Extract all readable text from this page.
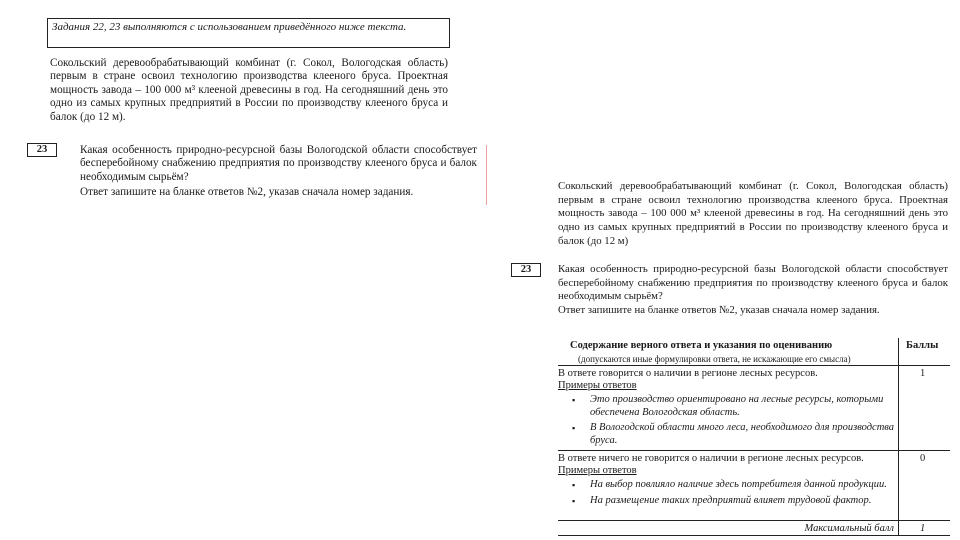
Задания 22, 23 выполняются с использованием приведённого ниже текста.
Сокольский деревообрабатывающий комбинат (г. Сокол, Вологодская область) первым в стране освоил технологию производства клееного бруса. Проектная мощность завода – 100 000 м³ клееной древесины в год. На сегодняшний день это одно из самых крупных предприятий в России по производству клееного бруса и балок (до 12 м).
23	Какая особенность природно-ресурсной базы Вологодской области способствует бесперебойному снабжению предприятия по производству клееного бруса и балок необходимым сырьём?
Ответ запишите на бланке ответов №2, указав сначала номер задания.	Сокольский деревообрабатывающий комбинат (г. Сокол, Вологодская область) первым в стране освоил технологию производства клееного бруса. Проектная мощность завода – 100 000 м³ клееной древесины в год. На сегодняшний день это одно из самых крупных предприятий в России по производству клееного бруса и балок (до 12 м)
23	Какая особенность природно-ресурсной базы Вологодской области способствует бесперебойному снабжению предприятия по производству клееного бруса и балок необходимым сырьём?
Ответ запишите на бланке ответов №2, указав сначала номер задания.
Содержание верного ответа и указания по оцениванию
(допускаются иные формулировки ответа, не искажающие его смысла)
Баллы
В ответе говорится о наличии в регионе лесных ресурсов.	1
Примеры ответов
▪ Это производство ориентировано на лесные ресурсы, которыми обеспечена Вологодская область.
▪ В Вологодской области много леса, необходимого для производства бруса.
В ответе ничего не говорится о наличии в регионе лесных ресурсов.	0
Примеры ответов
▪ На выбор повлияло наличие здесь потребителя данной продукции.
▪ На размещение таких предприятий влияет трудовой фактор.
Максимальный балл 1
